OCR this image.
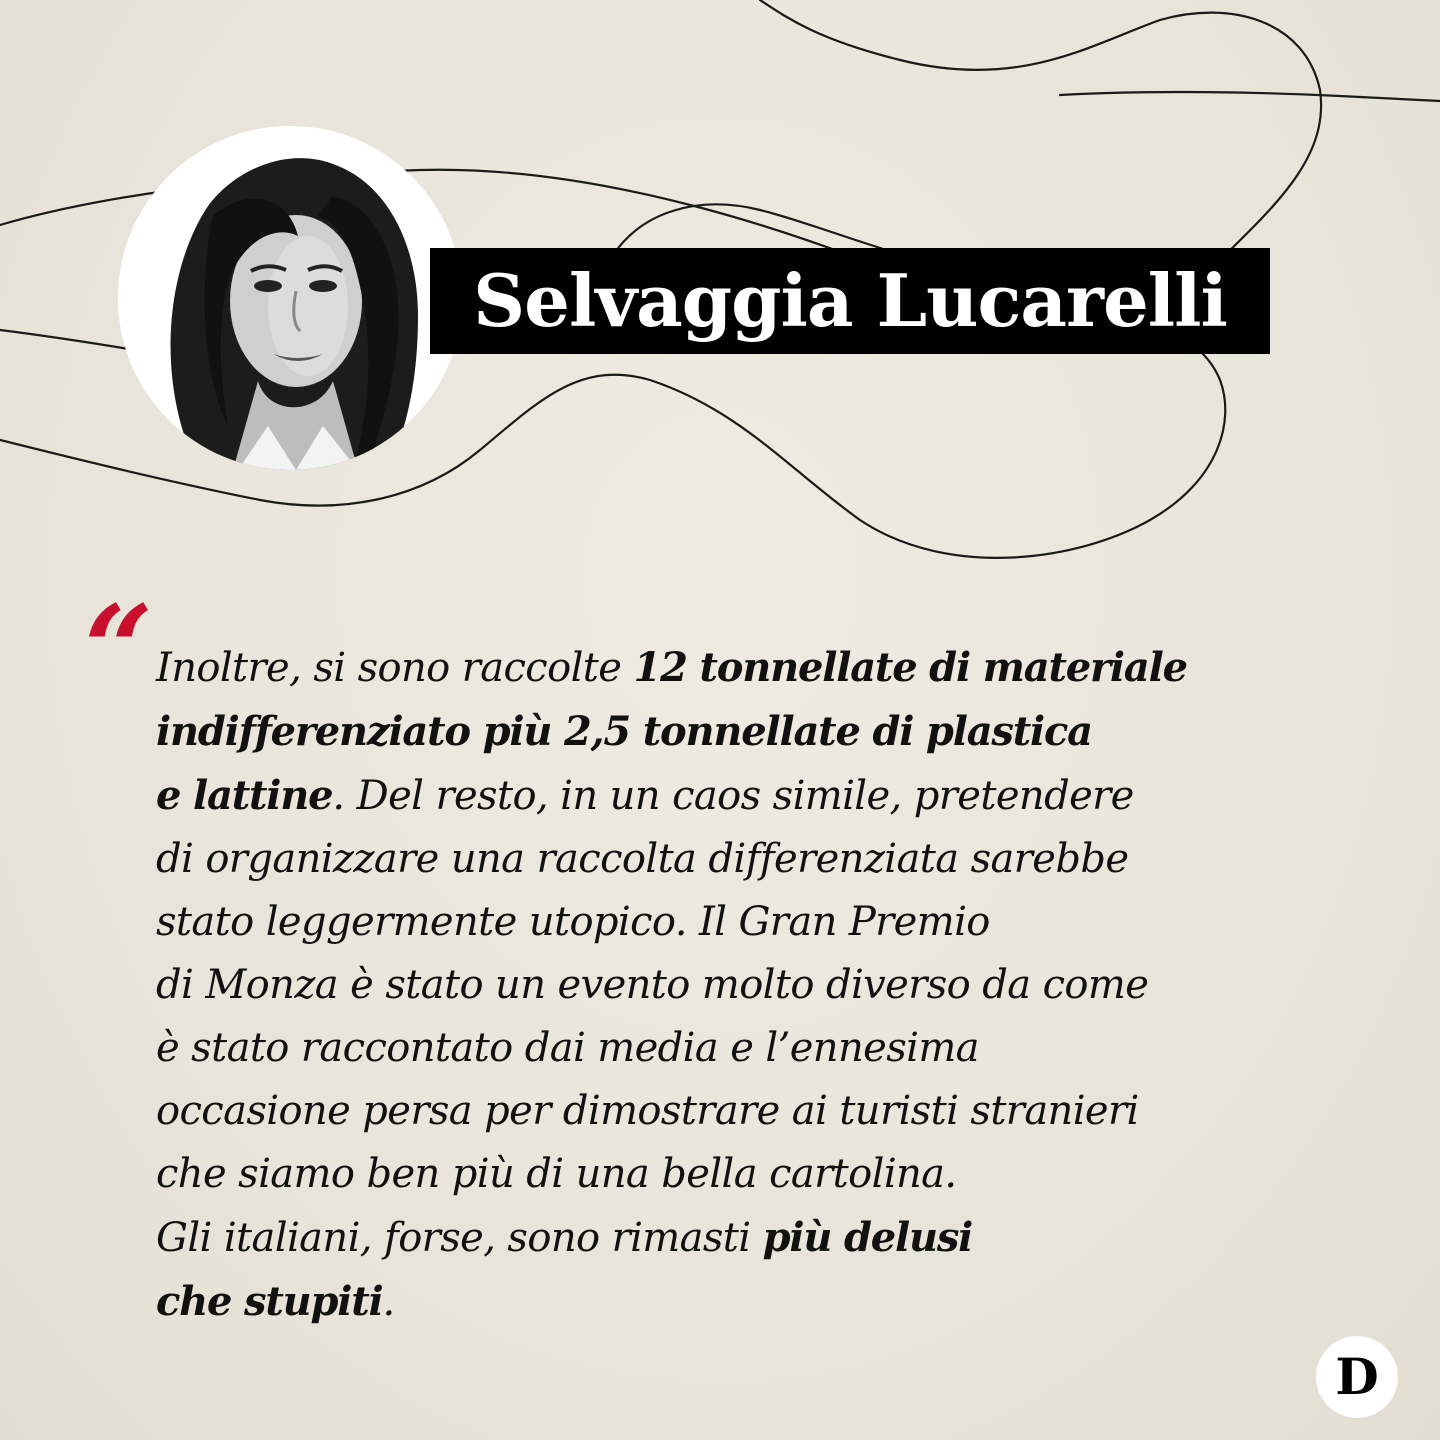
Selvaggia Lucarelli
“ Inoltre, si sono raccolte 12 tonnellate di materiale
indifferenziato più 2,5 tonnellate di plastica
e lattine. Del resto, in un caos simile, pretendere
di organizzare una raccolta differenziata sarebbe
stato leggermente utopico. Il Gran Premio
di Monza è stato un evento molto diverso da come
è stato raccontato dai media e l’ennesima
occasione persa per dimostrare ai turisti stranieri
che siamo ben più di una bella cartolina.
Gli italiani, forse, sono rimasti più delusi
che stupiti.
D
